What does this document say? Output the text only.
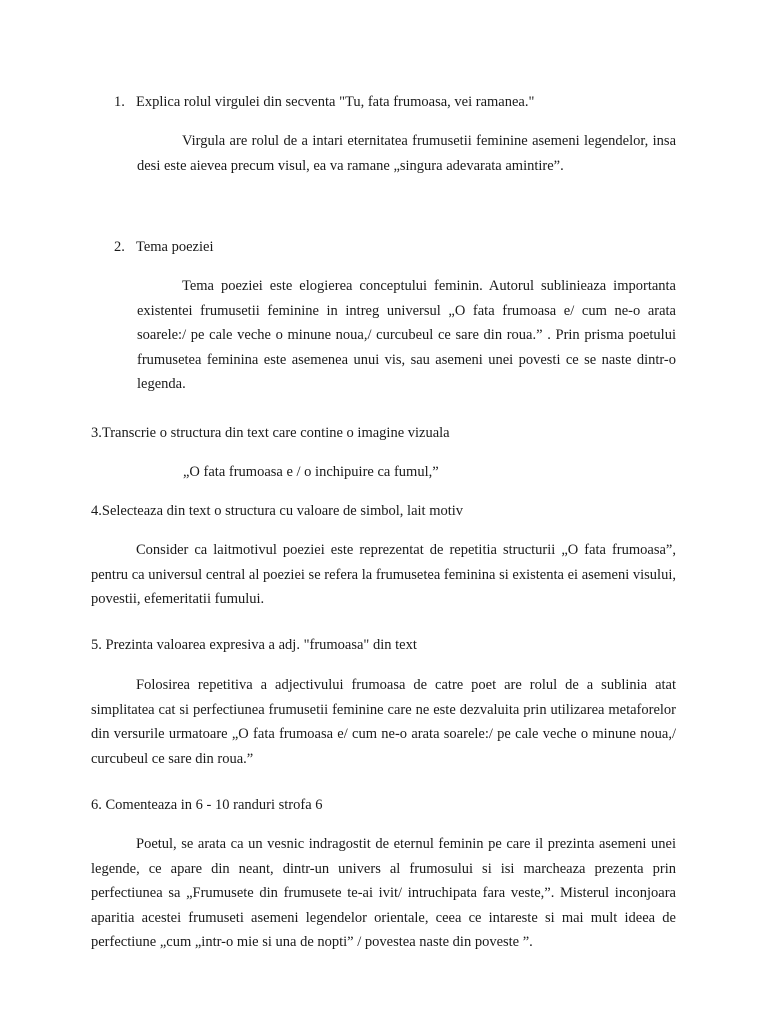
1. Explica rolul virgulei din secventa "Tu, fata frumoasa, vei ramanea."

Virgula are rolul de a intari eternitatea frumusetii feminine asemeni legendelor, insa desi este aievea precum visul, ea va ramane „singura adevarata amintire”.

2. Tema poeziei

Tema poeziei este elogierea conceptului feminin. Autorul sublinieaza importanta existentei frumusetii feminine in intreg universul „O fata frumoasa e/ cum ne-o arata soarele:/ pe cale veche o minune noua,/ curcubeul ce sare din roua.” . Prin prisma poetului frumusetea feminina este asemenea unui vis, sau asemeni unei povesti ce se naste dintr-o legenda.

3.Transcrie o structura din text care contine o imagine vizuala

„O fata frumoasa e / o inchipuire ca fumul,”

4.Selecteaza din text o structura cu valoare de simbol, lait motiv

Consider ca laitmotivul poeziei este reprezentat de repetitia structurii „O fata frumoasa”, pentru ca universul central al poeziei se refera la frumusetea feminina si existenta ei asemeni visului, povestii, efemeritatii fumului.

5. Prezinta valoarea expresiva a adj. "frumoasa" din text

Folosirea repetitiva a adjectivului frumoasa de catre poet are rolul de a sublinia atat simplitatea cat si perfectiunea frumusetii feminine care ne este dezvaluita prin utilizarea metaforelor din versurile urmatoare „O fata frumoasa e/ cum ne-o arata soarele:/ pe cale veche o minune noua,/ curcubeul ce sare din roua.”

6. Comenteaza in 6 - 10 randuri strofa 6

Poetul, se arata ca un vesnic indragostit de eternul feminin pe care il prezinta asemeni unei legende, ce apare din neant, dintr-un univers al frumosului si isi marcheaza prezenta prin perfectiunea sa „Frumusete din frumusete te-ai ivit/ intruchipata fara veste,”. Misterul inconjoara aparitia acestei frumuseti asemeni legendelor orientale, ceea ce intareste si mai mult ideea de perfectiune „cum „intr-o mie si una de nopti” / povestea naste din poveste ”.
